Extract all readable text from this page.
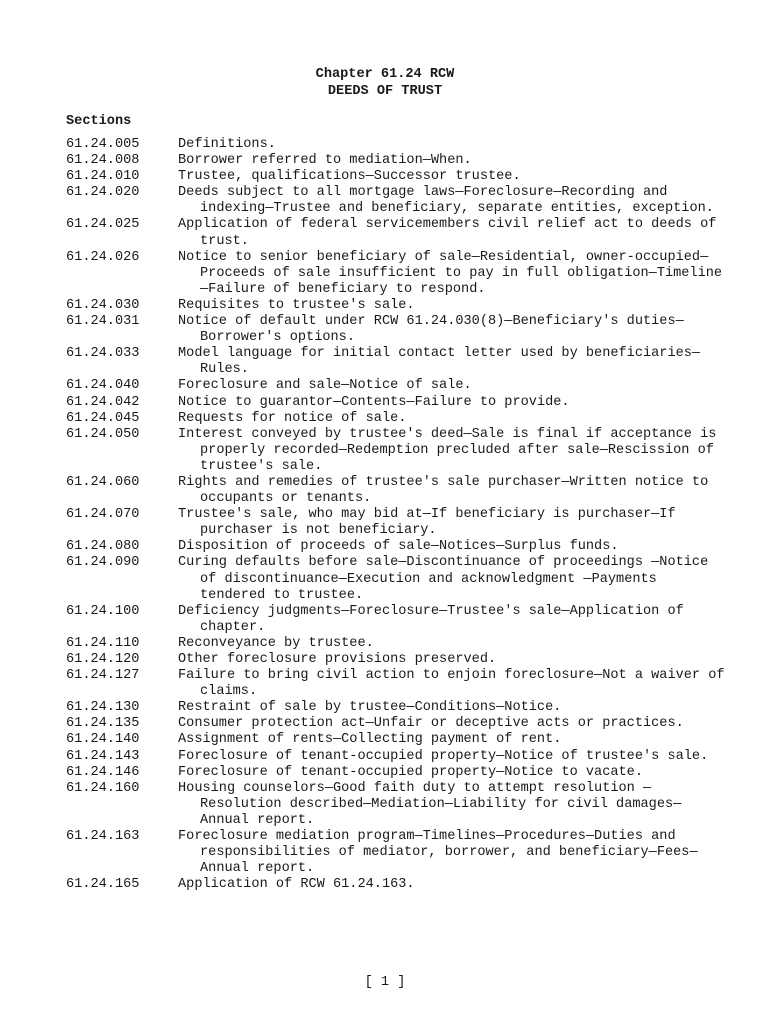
Chapter 61.24 RCW
DEEDS OF TRUST
Sections
61.24.005	Definitions.
61.24.008	Borrower referred to mediation—When.
61.24.010	Trustee, qualifications—Successor trustee.
61.24.020	Deeds subject to all mortgage laws—Foreclosure—Recording and indexing—Trustee and beneficiary, separate entities, exception.
61.24.025	Application of federal servicemembers civil relief act to deeds of trust.
61.24.026	Notice to senior beneficiary of sale—Residential, owner-occupied—Proceeds of sale insufficient to pay in full obligation—Timeline—Failure of beneficiary to respond.
61.24.030	Requisites to trustee's sale.
61.24.031	Notice of default under RCW 61.24.030(8)—Beneficiary's duties—Borrower's options.
61.24.033	Model language for initial contact letter used by beneficiaries—Rules.
61.24.040	Foreclosure and sale—Notice of sale.
61.24.042	Notice to guarantor—Contents—Failure to provide.
61.24.045	Requests for notice of sale.
61.24.050	Interest conveyed by trustee's deed—Sale is final if acceptance is properly recorded—Redemption precluded after sale—Rescission of trustee's sale.
61.24.060	Rights and remedies of trustee's sale purchaser—Written notice to occupants or tenants.
61.24.070	Trustee's sale, who may bid at—If beneficiary is purchaser—If purchaser is not beneficiary.
61.24.080	Disposition of proceeds of sale—Notices—Surplus funds.
61.24.090	Curing defaults before sale—Discontinuance of proceedings —Notice of discontinuance—Execution and acknowledgment —Payments tendered to trustee.
61.24.100	Deficiency judgments—Foreclosure—Trustee's sale—Application of chapter.
61.24.110	Reconveyance by trustee.
61.24.120	Other foreclosure provisions preserved.
61.24.127	Failure to bring civil action to enjoin foreclosure—Not a waiver of claims.
61.24.130	Restraint of sale by trustee—Conditions—Notice.
61.24.135	Consumer protection act—Unfair or deceptive acts or practices.
61.24.140	Assignment of rents—Collecting payment of rent.
61.24.143	Foreclosure of tenant-occupied property—Notice of trustee's sale.
61.24.146	Foreclosure of tenant-occupied property—Notice to vacate.
61.24.160	Housing counselors—Good faith duty to attempt resolution —Resolution described—Mediation—Liability for civil damages—Annual report.
61.24.163	Foreclosure mediation program—Timelines—Procedures—Duties and responsibilities of mediator, borrower, and beneficiary—Fees—Annual report.
61.24.165	Application of RCW 61.24.163.
[ 1 ]
